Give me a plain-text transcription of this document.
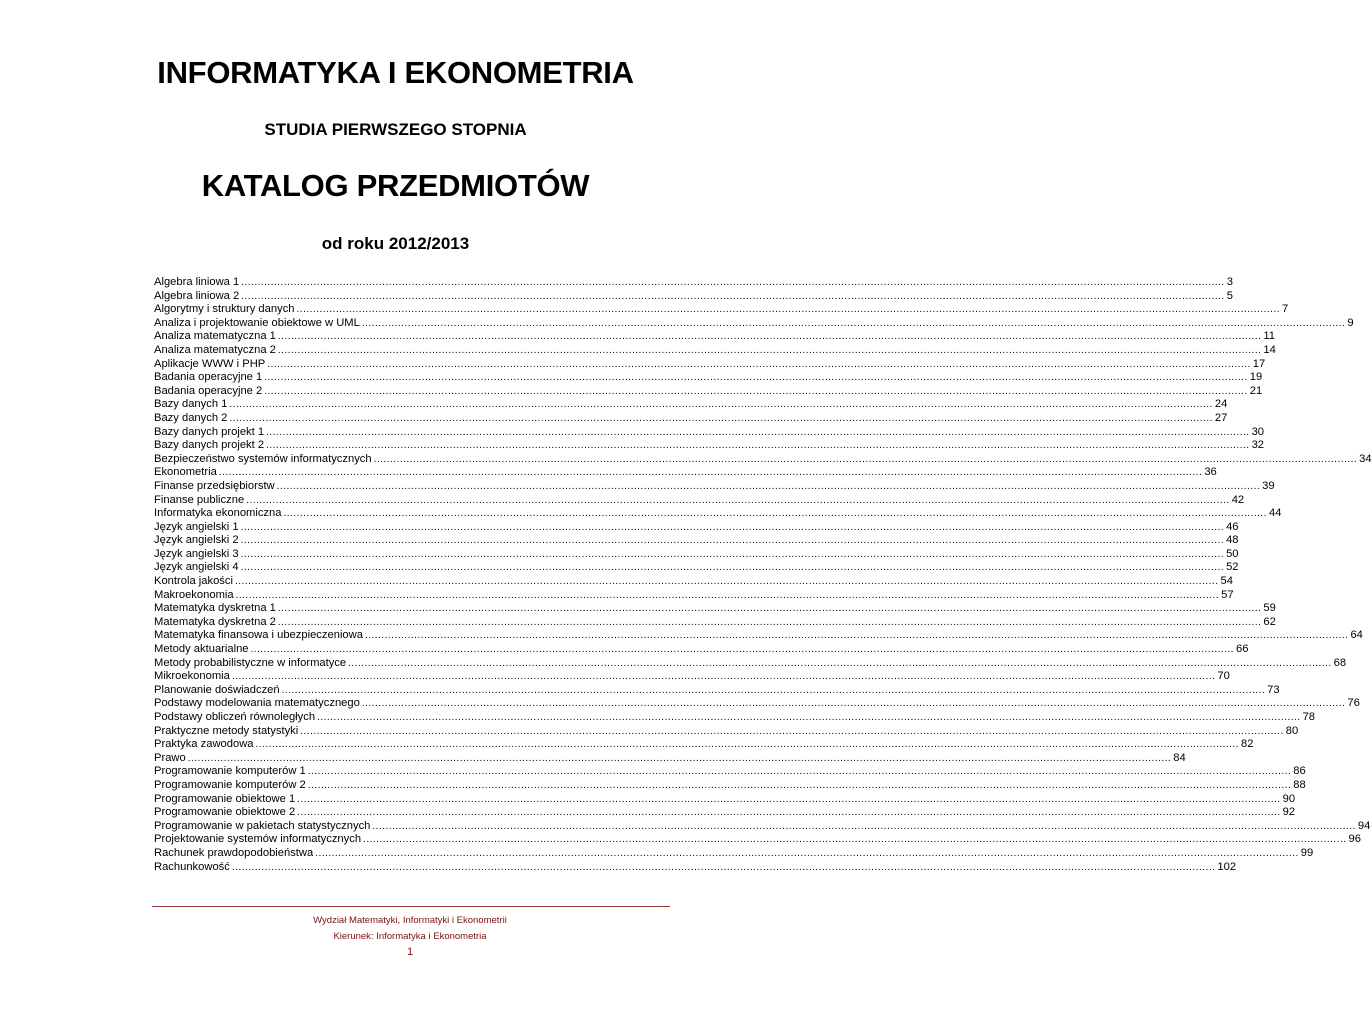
INFORMATYKA I EKONOMETRIA
STUDIA PIERWSZEGO STOPNIA
KATALOG PRZEDMIOTÓW
od roku 2012/2013
Algebra liniowa 1 ............................................................................................................................................................................................................................................................................................................ 3
Algebra liniowa 2 ............................................................................................................................................................................................................................................................................................................ 5
Algorytmy i struktury danych ............................................................................................................................................................................................................................................................................................................ 7
Analiza i projektowanie obiektowe w UML ............................................................................................................................................................................................................................................................................................................ 9
Analiza matematyczna 1 ............................................................................................................................................................................................................................................................................................................ 11
Analiza matematyczna 2 ............................................................................................................................................................................................................................................................................................................ 14
Aplikacje WWW i PHP ............................................................................................................................................................................................................................................................................................................ 17
Badania operacyjne 1 ............................................................................................................................................................................................................................................................................................................ 19
Badania operacyjne 2 ............................................................................................................................................................................................................................................................................................................ 21
Bazy danych 1 ............................................................................................................................................................................................................................................................................................................ 24
Bazy danych 2 ............................................................................................................................................................................................................................................................................................................ 27
Bazy danych projekt 1 ............................................................................................................................................................................................................................................................................................................ 30
Bazy danych projekt 2 ............................................................................................................................................................................................................................................................................................................ 32
Bezpieczeństwo systemów informatycznych ............................................................................................................................................................................................................................................................................................................ 34
Ekonometria ............................................................................................................................................................................................................................................................................................................ 36
Finanse przedsiębiorstw ............................................................................................................................................................................................................................................................................................................ 39
Finanse publiczne ............................................................................................................................................................................................................................................................................................................ 42
Informatyka ekonomiczna ............................................................................................................................................................................................................................................................................................................ 44
Język angielski 1 ............................................................................................................................................................................................................................................................................................................ 46
Język angielski 2 ............................................................................................................................................................................................................................................................................................................ 48
Język angielski 3 ............................................................................................................................................................................................................................................................................................................ 50
Język angielski 4 ............................................................................................................................................................................................................................................................................................................ 52
Kontrola jakości ............................................................................................................................................................................................................................................................................................................ 54
Makroekonomia ............................................................................................................................................................................................................................................................................................................ 57
Matematyka dyskretna 1 ............................................................................................................................................................................................................................................................................................................ 59
Matematyka dyskretna 2 ............................................................................................................................................................................................................................................................................................................ 62
Matematyka finansowa i ubezpieczeniowa ............................................................................................................................................................................................................................................................................................................ 64
Metody aktuarialne ............................................................................................................................................................................................................................................................................................................ 66
Metody probabilistyczne w informatyce ............................................................................................................................................................................................................................................................................................................ 68
Mikroekonomia ............................................................................................................................................................................................................................................................................................................ 70
Planowanie doświadczeń ............................................................................................................................................................................................................................................................................................................ 73
Podstawy modelowania matematycznego ............................................................................................................................................................................................................................................................................................................ 76
Podstawy obliczeń równoległych ............................................................................................................................................................................................................................................................................................................ 78
Praktyczne metody statystyki ............................................................................................................................................................................................................................................................................................................ 80
Praktyka zawodowa ............................................................................................................................................................................................................................................................................................................ 82
Prawo ............................................................................................................................................................................................................................................................................................................ 84
Programowanie komputerów 1 ............................................................................................................................................................................................................................................................................................................ 86
Programowanie komputerów 2 ............................................................................................................................................................................................................................................................................................................ 88
Programowanie obiektowe 1 ............................................................................................................................................................................................................................................................................................................ 90
Programowanie obiektowe 2 ............................................................................................................................................................................................................................................................................................................ 92
Programowanie w pakietach statystycznych ............................................................................................................................................................................................................................................................................................................ 94
Projektowanie systemów informatycznych ............................................................................................................................................................................................................................................................................................................ 96
Rachunek prawdopodobieństwa ............................................................................................................................................................................................................................................................................................................ 99
Rachunkowość ............................................................................................................................................................................................................................................................................................................ 102
Wydział Matematyki, Informatyki i Ekonometrii
Kierunek: Informatyka i Ekonometria
1
